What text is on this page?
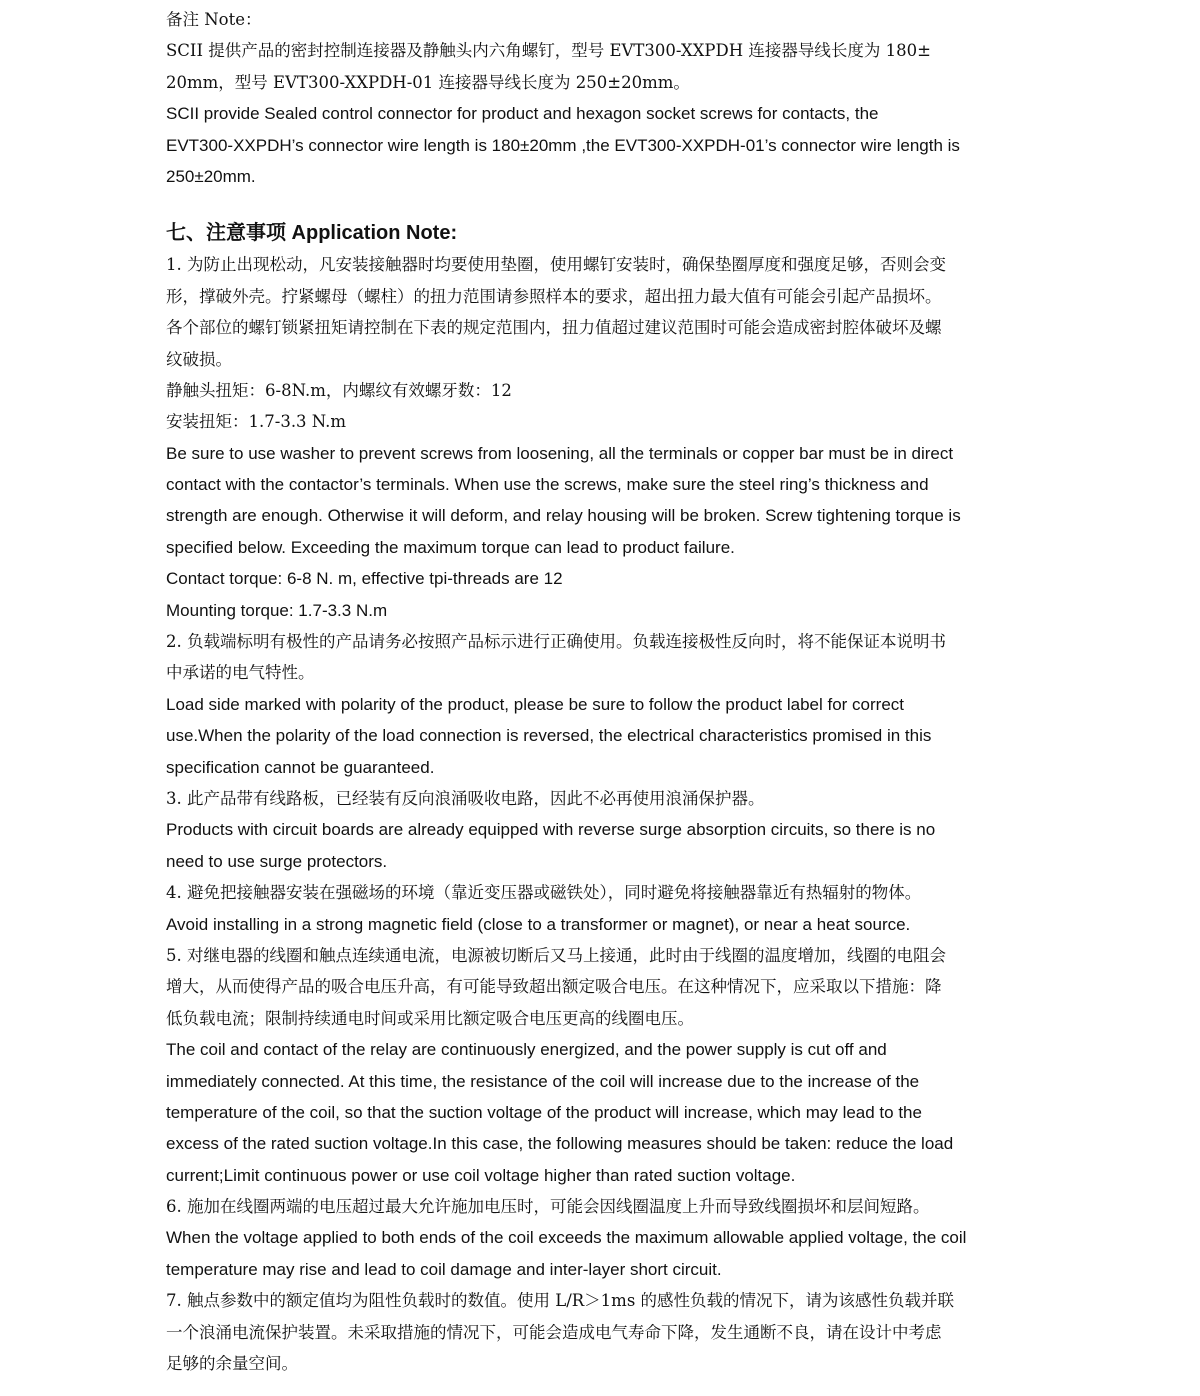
备注 Note：
SCII 提供产品的密封控制连接器及静触头内六角螺钉，型号 EVT300-XXPDH 连接器导线长度为 180±
20mm，型号 EVT300-XXPDH-01 连接器导线长度为 250±20mm。
SCII provide Sealed control connector for product and hexagon socket screws for contacts, the
EVT300-XXPDH’s connector wire length is 180±20mm ,the EVT300-XXPDH-01’s connector wire length is
250±20mm.
七、注意事项 Application Note:
1. 为防止出现松动，凡安装接触器时均要使用垫圈，使用螺钉安装时，确保垫圈厚度和强度足够，否则会变
形，撑破外壳。拧紧螺母（螺柱）的扭力范围请参照样本的要求，超出扭力最大值有可能会引起产品损坏。
各个部位的螺钉锁紧扭矩请控制在下表的规定范围内，扭力值超过建议范围时可能会造成密封腔体破坏及螺
纹破损。
静触头扭矩：6-8N.m，内螺纹有效螺牙数：12
安装扭矩：1.7-3.3 N.m
Be sure to use washer to prevent screws from loosening, all the terminals or copper bar must be in direct
contact with the contactor’s terminals. When use the screws, make sure the steel ring’s thickness and
strength are enough. Otherwise it will deform, and relay housing will be broken. Screw tightening torque is
specified below. Exceeding the maximum torque can lead to product failure.
Contact torque: 6-8 N. m, effective tpi-threads are 12
Mounting torque: 1.7-3.3 N.m
2. 负载端标明有极性的产品请务必按照产品标示进行正确使用。负载连接极性反向时，将不能保证本说明书
中承诺的电气特性。
Load side marked with polarity of the product, please be sure to follow the product label for correct
use.When the polarity of the load connection is reversed, the electrical characteristics promised in this
specification cannot be guaranteed.
3. 此产品带有线路板，已经装有反向浪涌吸收电路，因此不必再使用浪涌保护器。
Products with circuit boards are already equipped with reverse surge absorption circuits, so there is no
need to use surge protectors.
4. 避免把接触器安装在强磁场的环境（靠近变压器或磁铁处），同时避免将接触器靠近有热辐射的物体。
Avoid installing in a strong magnetic field (close to a transformer or magnet), or near a heat source.
5. 对继电器的线圈和触点连续通电流，电源被切断后又马上接通，此时由于线圈的温度增加，线圈的电阻会
增大，从而使得产品的吸合电压升高，有可能导致超出额定吸合电压。在这种情况下，应采取以下措施：降
低负载电流；限制持续通电时间或采用比额定吸合电压更高的线圈电压。
The coil and contact of the relay are continuously energized, and the power supply is cut off and
immediately connected. At this time, the resistance of the coil will increase due to the increase of the
temperature of the coil, so that the suction voltage of the product will increase, which may lead to the
excess of the rated suction voltage.In this case, the following measures should be taken: reduce the load
current;Limit continuous power or use coil voltage higher than rated suction voltage.
6. 施加在线圈两端的电压超过最大允许施加电压时，可能会因线圈温度上升而导致线圈损坏和层间短路。
When the voltage applied to both ends of the coil exceeds the maximum allowable applied voltage, the coil
temperature may rise and lead to coil damage and inter-layer short circuit.
7. 触点参数中的额定值均为阻性负载时的数值。使用 L/R＞1ms 的感性负载的情况下，请为该感性负载并联
一个浪涌电流保护装置。未采取措施的情况下，可能会造成电气寿命下降，发生通断不良，请在设计中考虑
足够的余量空间。
